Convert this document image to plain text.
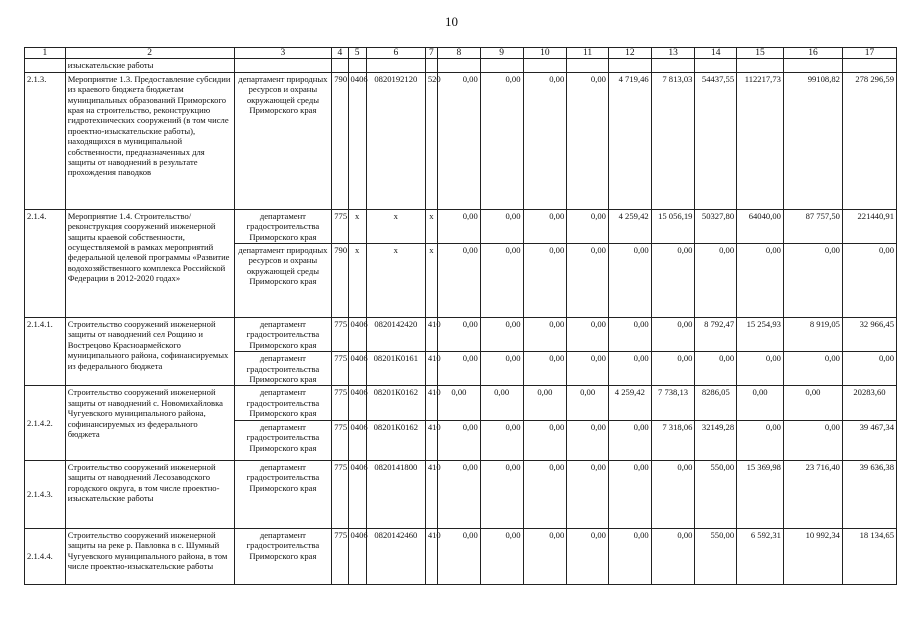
10
1	2	3	4	5	6	7	8	9	10	11	12	13	14	15	16	17
	изыскательские работы															
2.1.3.	Мероприятие 1.3. Предоставление субсидии из краевого бюджета бюджетам муниципальных образований Приморского края на строительство, реконструкцию гидротехнических сооружений (в том числе проектно-изыскательские работы), находящихся в муниципальной собственности, предназначенных для защиты от наводнений в результате прохождения паводков	департамент природных ресурсов и охраны окружающей среды Приморского края	790	0406	0820192120	520	0,00	0,00	0,00	0,00	4 719,46	7 813,03	54437,55	112217,73	99108,82	278 296,59
2.1.4.	Мероприятие 1.4. Строительство/реконструкция сооружений инженерной защиты краевой собственности, осуществляемой в рамках мероприятий федеральной целевой программы «Развитие водохозяйственного комплекса Российской Федерации в 2012-2020 годах»	департамент градостроительства Приморского края	775	х	х	х	0,00	0,00	0,00	0,00	4 259,42	15 056,19	50327,80	64040,00	87 757,50	221440,91
		департамент природных ресурсов и охраны окружающей среды Приморского края	790	х	х	х	0,00	0,00	0,00	0,00	0,00	0,00	0,00	0,00	0,00	0,00
2.1.4.1.	Строительство сооружений инженерной защиты от наводнений сел Рощино и Вострецово Красноармейского муниципального района, софинансируемых из федерального бюджета	департамент градостроительства Приморского края	775	0406	0820142420	410	0,00	0,00	0,00	0,00	0,00	0,00	8 792,47	15 254,93	8 919,05	32 966,45
		департамент градостроительства Приморского края	775	0406	08201К0161	410	0,00	0,00	0,00	0,00	0,00	0,00	0,00	0,00	0,00	0,00
2.1.4.2.	Строительство сооружений инженерной защиты от наводнений с. Новомихайловка Чугуевского муниципального района, софинансируемых из федерального бюджета	департамент градостроительства Приморского края	775	0406	08201К0162	410	0,00	0,00	0,00	0,00	4 259,42	7 738,13	8286,05	0,00	0,00	20283,60
		департамент градостроительства Приморского края	775	0406	08201К0162	410	0,00	0,00	0,00	0,00	0,00	7 318,06	32149,28	0,00	0,00	39 467,34
2.1.4.3.	Строительство сооружений инженерной защиты от наводнений Лесозаводского городского округа, в том числе проектно-изыскательские работы	департамент градостроительства Приморского края	775	0406	0820141800	410	0,00	0,00	0,00	0,00	0,00	0,00	550,00	15 369,98	23 716,40	39 636,38
2.1.4.4.	Строительство сооружений инженерной защиты на реке р. Павловка в с. Шумный Чугуевского муниципального района, в том числе проектно-изыскательские работы	департамент градостроительства Приморского края	775	0406	0820142460	410	0,00	0,00	0,00	0,00	0,00	0,00	550,00	6 592,31	10 992,34	18 134,65
